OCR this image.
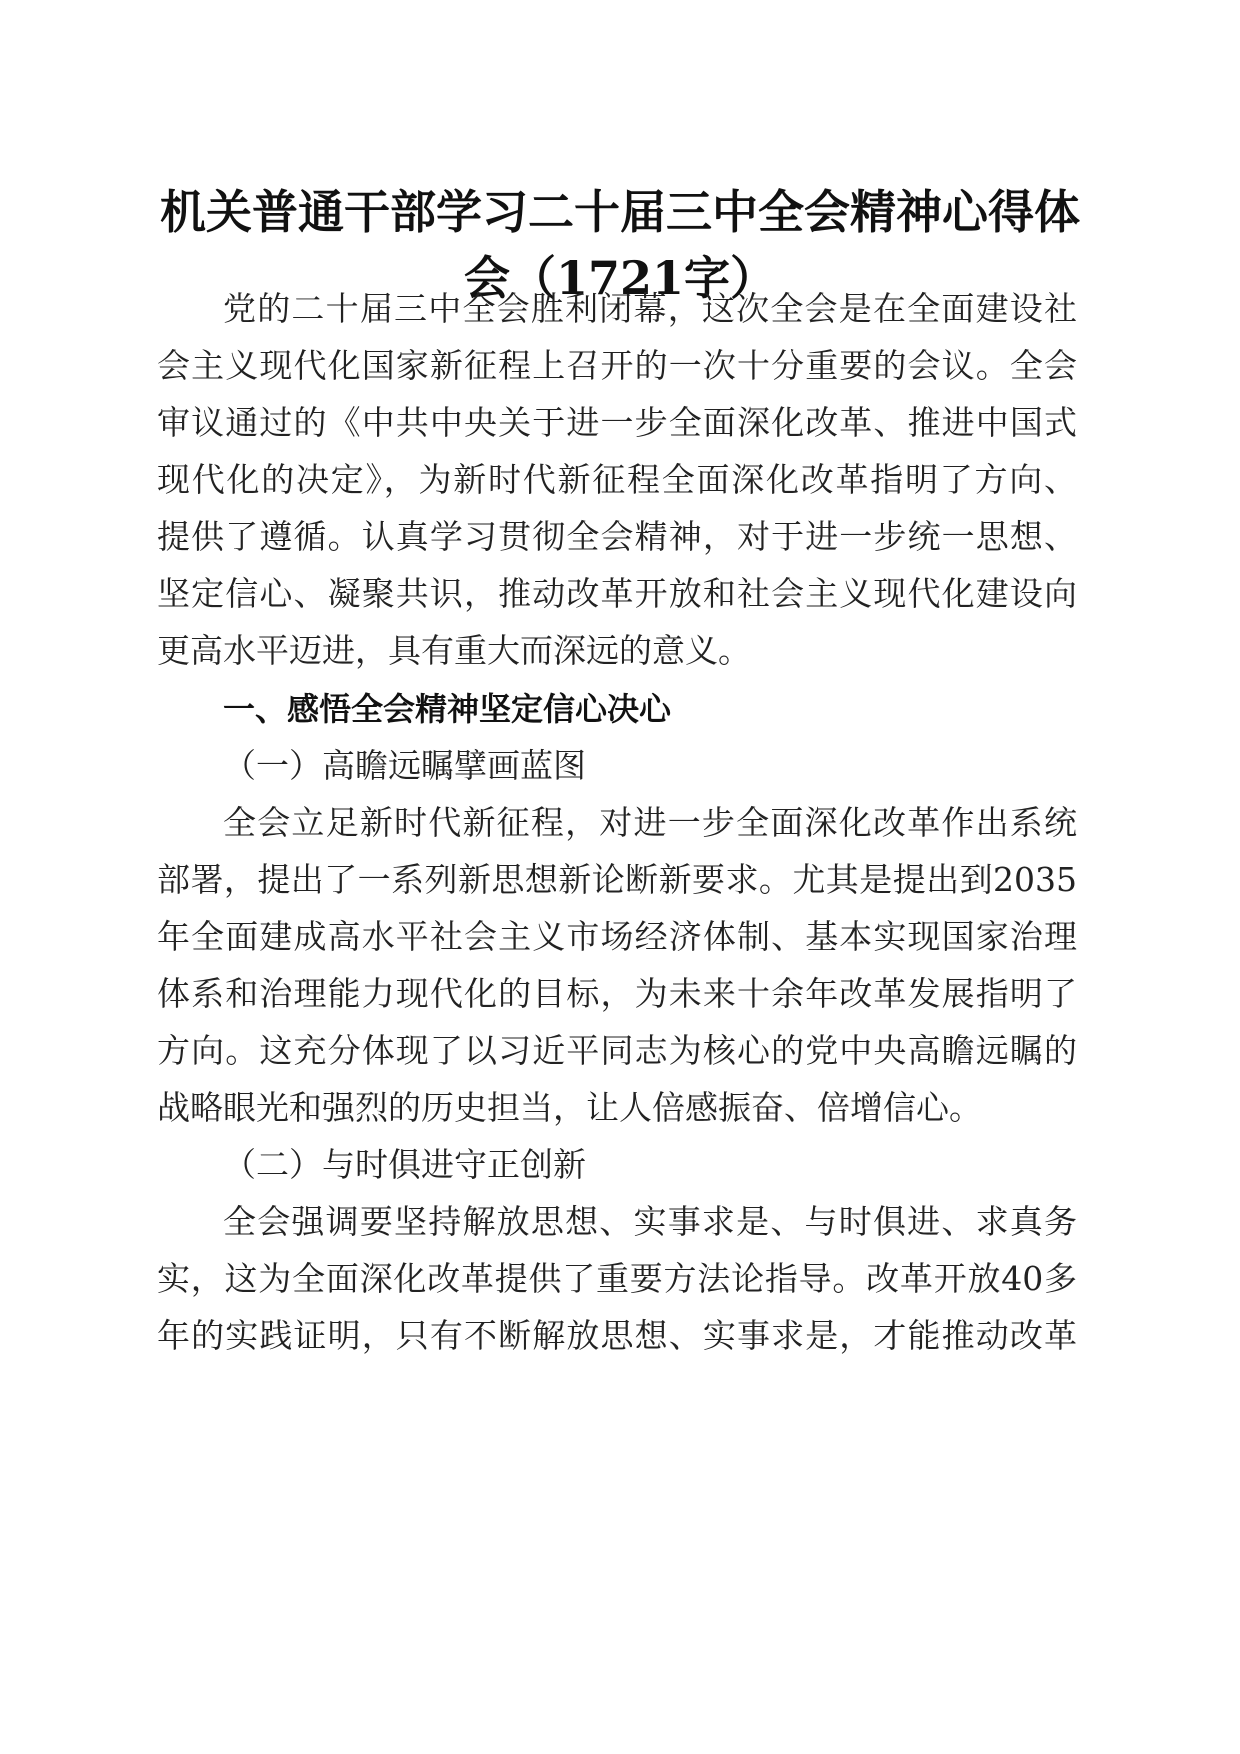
机关普通干部学习二十届三中全会精神心得体
会（1721字）
党的二十届三中全会胜利闭幕，这次全会是在全面建设社
会主义现代化国家新征程上召开的一次十分重要的会议。全会
审议通过的《中共中央关于进一步全面深化改革、推进中国式
现代化的决定》，为新时代新征程全面深化改革指明了方向、
提供了遵循。认真学习贯彻全会精神，对于进一步统一思想、
坚定信心、凝聚共识，推动改革开放和社会主义现代化建设向
更高水平迈进，具有重大而深远的意义。
一、感悟全会精神坚定信心决心
（一）高瞻远瞩擘画蓝图
全会立足新时代新征程，对进一步全面深化改革作出系统
部署，提出了一系列新思想新论断新要求。尤其是提出到2035
年全面建成高水平社会主义市场经济体制、基本实现国家治理
体系和治理能力现代化的目标，为未来十余年改革发展指明了
方向。这充分体现了以习近平同志为核心的党中央高瞻远瞩的
战略眼光和强烈的历史担当，让人倍感振奋、倍增信心。
（二）与时俱进守正创新
全会强调要坚持解放思想、实事求是、与时俱进、求真务
实，这为全面深化改革提供了重要方法论指导。改革开放40多
年的实践证明，只有不断解放思想、实事求是，才能推动改革
